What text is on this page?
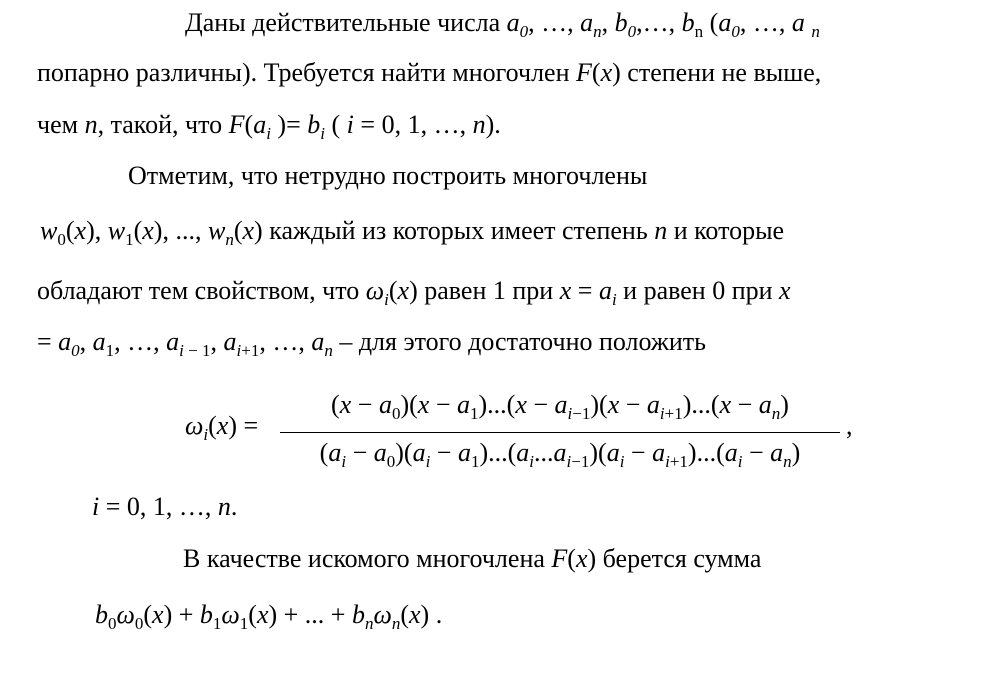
Даны действительные числа $a_0$, …, $a_n$, $b_0,\dots$, $b_n$ ($a_0$, …, a $_n$
попарно различны). Требуется найти многочлен F(x) степени не выше,
чем n, такой, что $F(a_i$ )= $b_i$ ( i = 0, 1, …, n).
Отметим, что нетрудно построить многочлены
$w_0(x)$, $w_1(x)$, ..., $w_n(x)$ каждый из которых имеет степень n и которые
обладают тем свойством, что $\omega_i(x)$ равен 1 при $x = a_i$ и равен 0 при x
= $a_0$, $a_1$, …, $a_{i - 1}$, $a_{i+1}$, …, $a_n$ – для этого достаточно положить
$\omega_i(x)$ =
$(x - a_0)(x - a_1)...(x - a_{i-1})(x - a_{i+1})...(x - a_n)$
$(a_i - a_0)(a_i - a_1)...(a_i...a_{i-1})(a_i - a_{i+1})...(a_i - a_n)$
,
i = 0, 1, …, n.
В качестве искомого многочлена F(x) берется сумма
$b_0\omega_0(x) + b_1\omega_1(x)$ + ... + $b_n\omega_n(x)$ .
